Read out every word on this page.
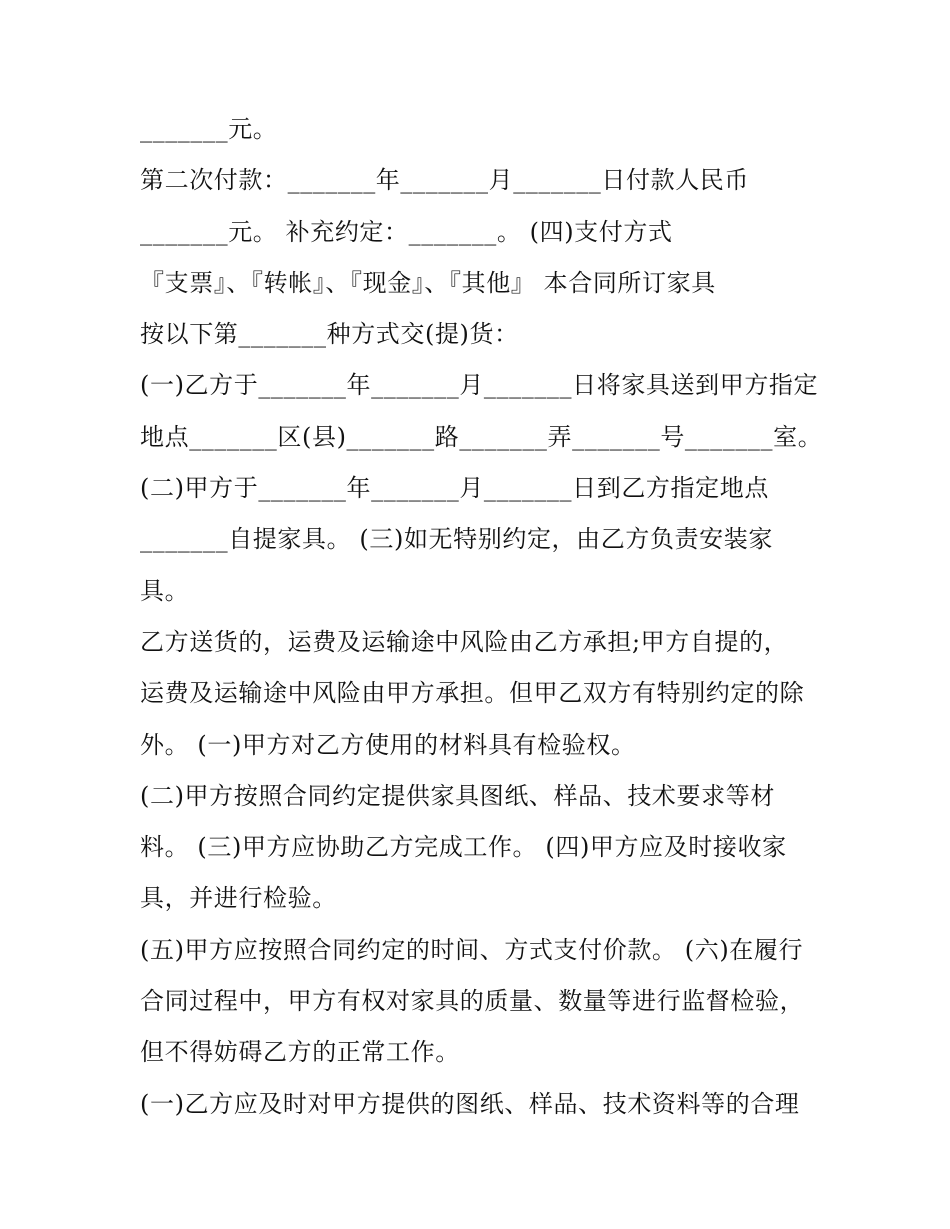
_______元。
第二次付款：_______年_______月_______日付款人民币
_______元。 补充约定：_______。 (四)支付方式
『支票』、『转帐』、『现金』、『其他』 本合同所订家具
按以下第_______种方式交(提)货：
(一)乙方于_______年_______月_______日将家具送到甲方指定
地点_______区(县)_______路_______弄_______号_______室。
(二)甲方于_______年_______月_______日到乙方指定地点
_______自提家具。 (三)如无特别约定，由乙方负责安装家
具。
乙方送货的，运费及运输途中风险由乙方承担;甲方自提的，
运费及运输途中风险由甲方承担。但甲乙双方有特别约定的除
外。 (一)甲方对乙方使用的材料具有检验权。
(二)甲方按照合同约定提供家具图纸、样品、技术要求等材
料。 (三)甲方应协助乙方完成工作。 (四)甲方应及时接收家
具，并进行检验。
(五)甲方应按照合同约定的时间、方式支付价款。 (六)在履行
合同过程中，甲方有权对家具的质量、数量等进行监督检验，
但不得妨碍乙方的正常工作。
(一)乙方应及时对甲方提供的图纸、样品、技术资料等的合理
